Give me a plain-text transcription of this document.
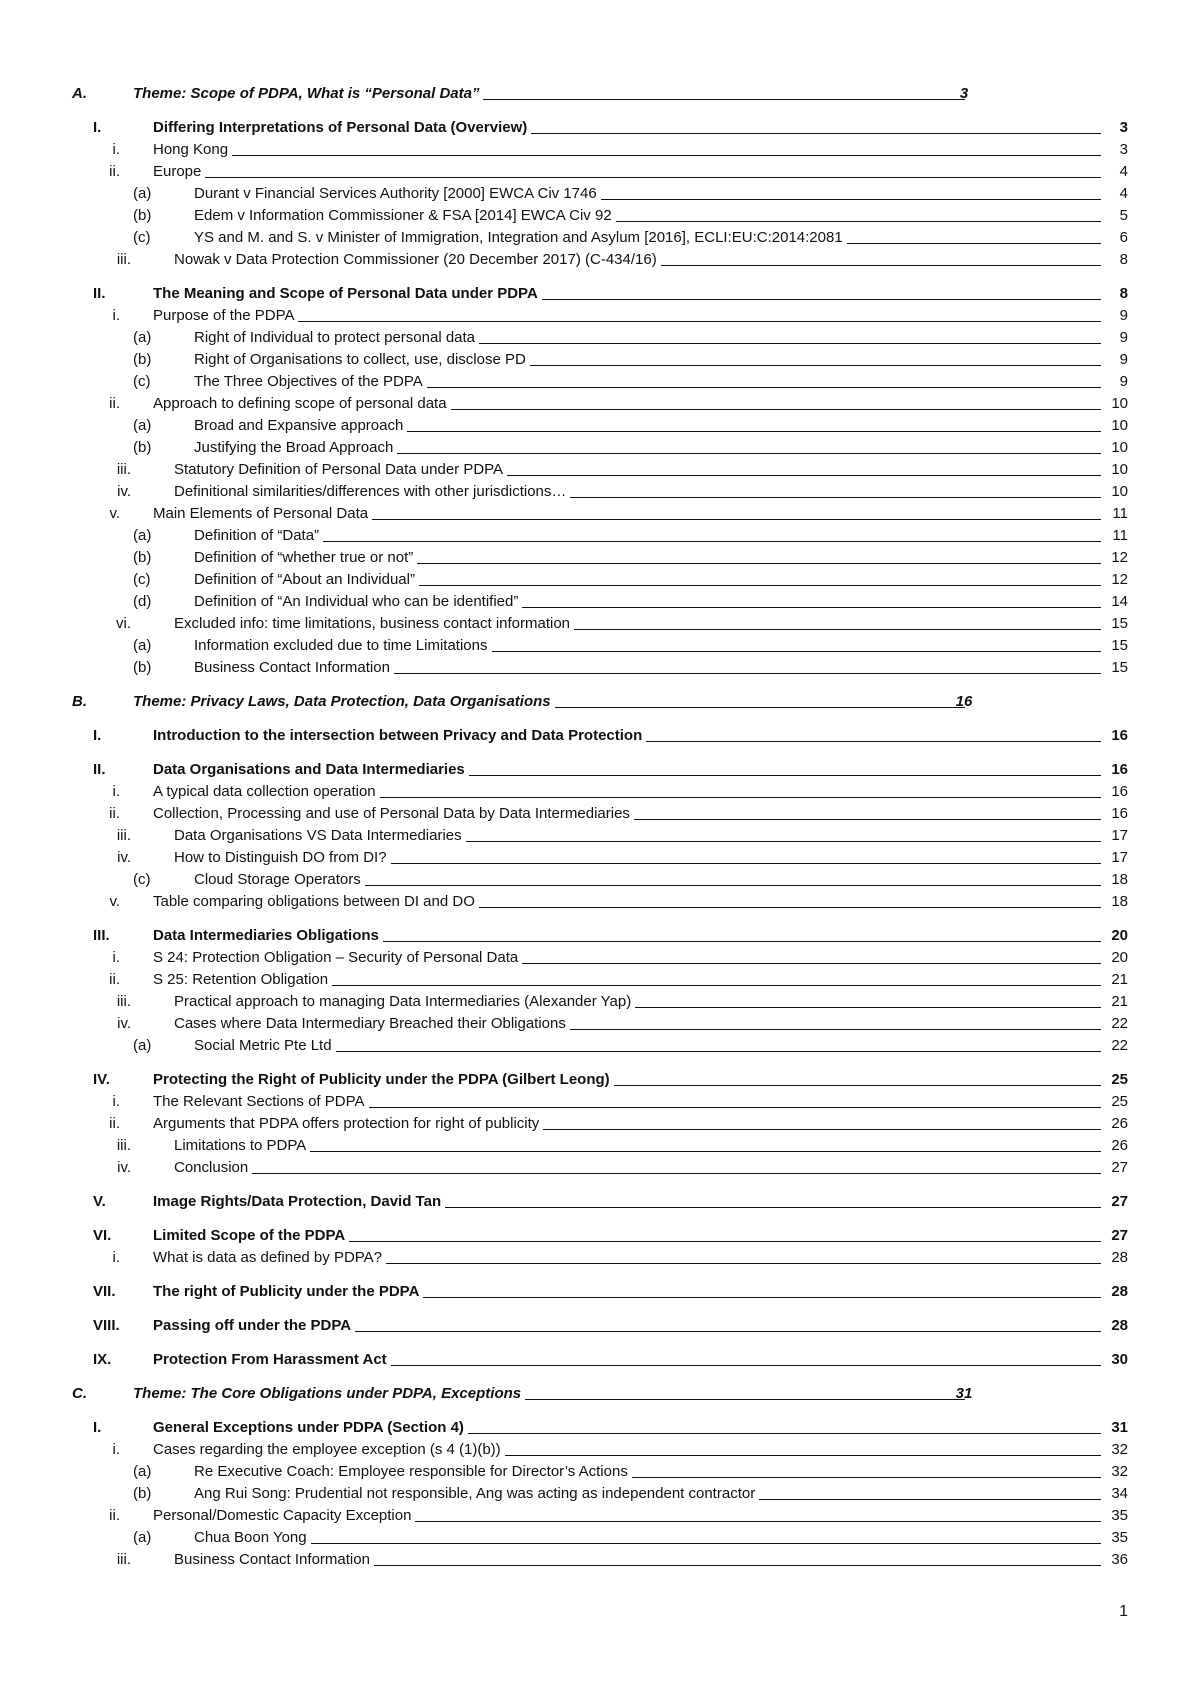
A.	Theme: Scope of PDPA, What is “Personal Data”	3
I.	Differing Interpretations of Personal Data (Overview)	3
i. Hong Kong	3
ii. Europe	4
(a)	Durant v Financial Services Authority [2000] EWCA Civ 1746	4
(b)	Edem v Information Commissioner & FSA [2014] EWCA Civ 92	5
(c)	YS and M. and S. v Minister of Immigration, Integration and Asylum [2016], ECLI:EU:C:2014:2081	6
iii.	Nowak v Data Protection Commissioner (20 December 2017) (C-434/16)	8
II.	The Meaning and Scope of Personal Data under PDPA	8
i. Purpose of the PDPA	9
(a)	Right of Individual to protect personal data	9
(b)	Right of Organisations to collect, use, disclose PD	9
(c)	The Three Objectives of the PDPA	9
ii. Approach to defining scope of personal data	10
(a)	Broad and Expansive approach	10
(b)	Justifying the Broad Approach	10
iii.	Statutory Definition of Personal Data under PDPA	10
iv.	Definitional similarities/differences with other jurisdictions…	10
v. Main Elements of Personal Data	11
(a)	Definition of “Data”	11
(b)	Definition of “whether true or not”	12
(c)	Definition of “About an Individual”	12
(d)	Definition of “An Individual who can be identified”	14
vi.	Excluded info: time limitations, business contact information	15
(a)	Information excluded due to time Limitations	15
(b)	Business Contact Information	15
B.	Theme: Privacy Laws, Data Protection, Data Organisations	16
I.	Introduction to the intersection between Privacy and Data Protection	16
II.	Data Organisations and Data Intermediaries	16
i. A typical data collection operation	16
ii. Collection, Processing and use of Personal Data by Data Intermediaries	16
iii.	Data Organisations VS Data Intermediaries	17
iv.	How to Distinguish DO from DI?	17
(c)	Cloud Storage Operators	18
v. Table comparing obligations between DI and DO	18
III.	Data Intermediaries Obligations	20
i. S 24: Protection Obligation – Security of Personal Data	20
ii. S 25: Retention Obligation	21
iii.	Practical approach to managing Data Intermediaries (Alexander Yap)	21
iv.	Cases where Data Intermediary Breached their Obligations	22
(a)	Social Metric Pte Ltd	22
IV.	Protecting the Right of Publicity under the PDPA (Gilbert Leong)	25
i. The Relevant Sections of PDPA	25
ii. Arguments that PDPA offers protection for right of publicity	26
iii.	Limitations to PDPA	26
iv.	Conclusion	27
V.	Image Rights/Data Protection, David Tan	27
VI.	Limited Scope of the PDPA	27
i. What is data as defined by PDPA?	28
VII. The right of Publicity under the PDPA	28
VIII. Passing off under the PDPA	28
IX.	Protection From Harassment Act	30
C.	Theme: The Core Obligations under PDPA, Exceptions	31
I.	General Exceptions under PDPA (Section 4)	31
i. Cases regarding the employee exception (s 4 (1)(b))	32
(a)	Re Executive Coach: Employee responsible for Director’s Actions	32
(b)	Ang Rui Song: Prudential not responsible, Ang was acting as independent contractor	34
ii. Personal/Domestic Capacity Exception	35
(a)	Chua Boon Yong	35
iii.	Business Contact Information	36
1
